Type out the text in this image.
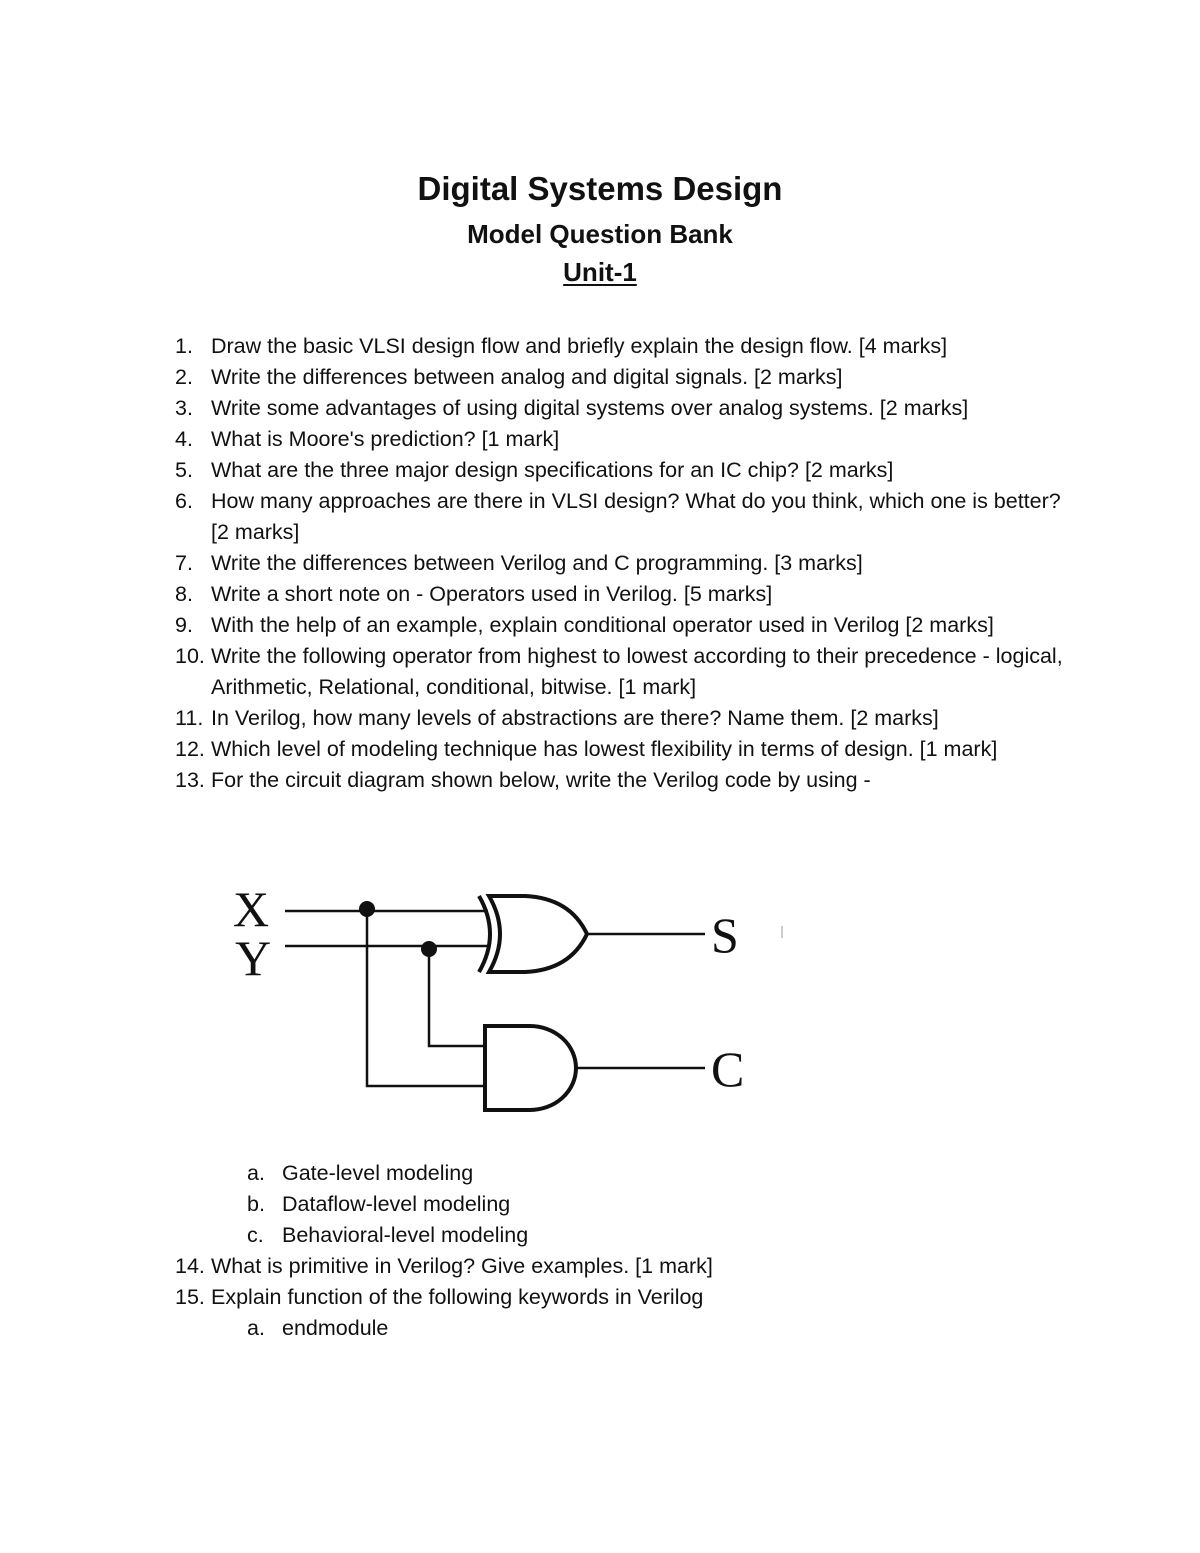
Digital Systems Design
Model Question Bank
Unit-1
1. Draw the basic VLSI design flow and briefly explain the design flow. [4 marks]
2. Write the differences between analog and digital signals. [2 marks]
3. Write some advantages of using digital systems over analog systems. [2 marks]
4. What is Moore's prediction? [1 mark]
5. What are the three major design specifications for an IC chip? [2 marks]
6. How many approaches are there in VLSI design? What do you think, which one is better? [2 marks]
7. Write the differences between Verilog and C programming. [3 marks]
8. Write a short note on - Operators used in Verilog. [5 marks]
9. With the help of an example, explain conditional operator used in Verilog [2 marks]
10. Write the following operator from highest to lowest according to their precedence - logical, Arithmetic, Relational, conditional, bitwise. [1 mark]
11. In Verilog, how many levels of abstractions are there? Name them. [2 marks]
12. Which level of modeling technique has lowest flexibility in terms of design. [1 mark]
13. For the circuit diagram shown below, write the Verilog code by using -
a. Gate-level modeling
b. Dataflow-level modeling
c. Behavioral-level modeling
14. What is primitive in Verilog? Give examples. [1 mark]
15. Explain function of the following keywords in Verilog
a. endmodule
X
Y	S
C
